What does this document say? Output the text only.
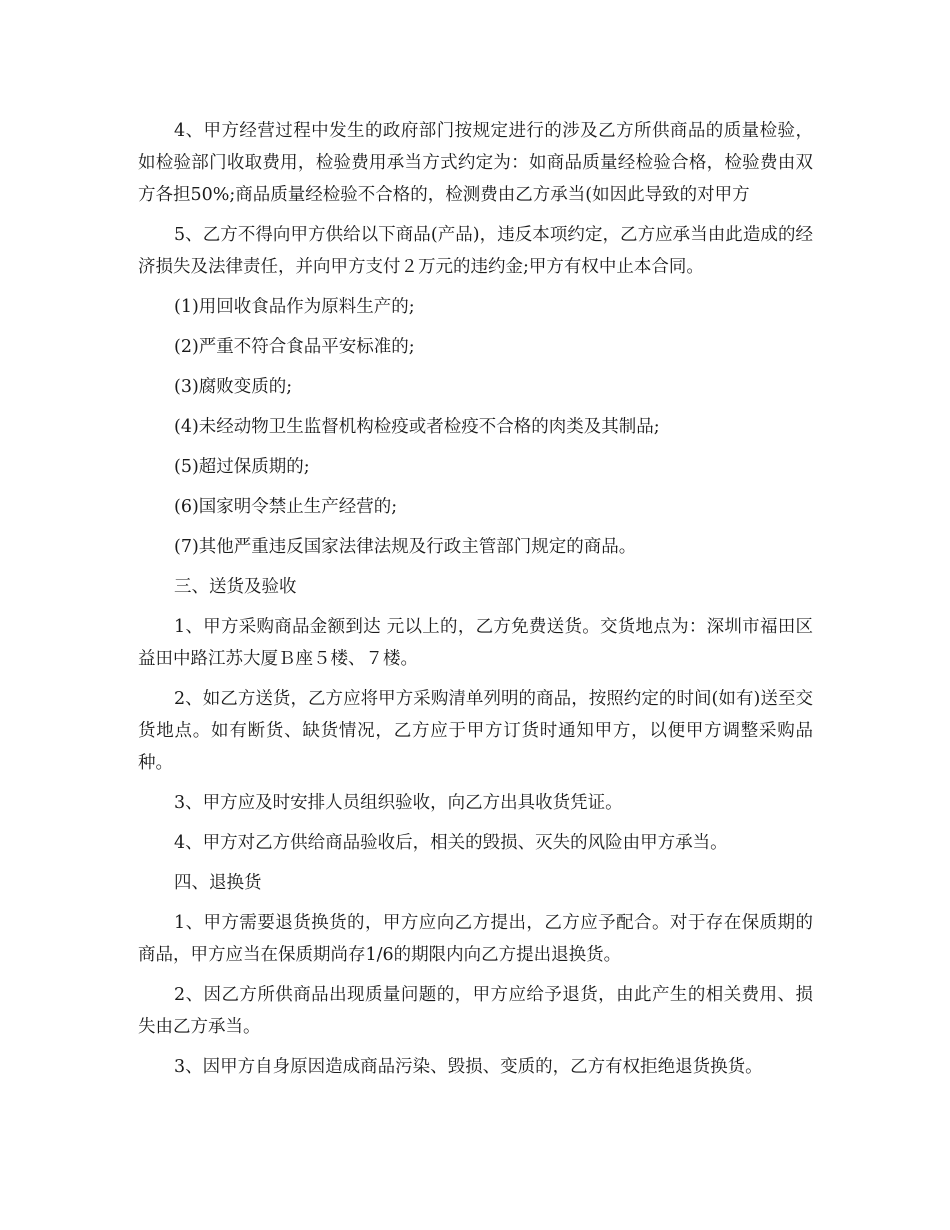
4、甲方经营过程中发生的政府部门按规定进行的涉及乙方所供商品的质量检验，如检验部门收取费用，检验费用承当方式约定为：如商品质量经检验合格，检验费由双方各担50%;商品质量经检验不合格的，检测费由乙方承当(如因此导致的对甲方

5、乙方不得向甲方供给以下商品(产品)，违反本项约定，乙方应承当由此造成的经济损失及法律责任，并向甲方支付２万元的违约金;甲方有权中止本合同。

(1)用回收食品作为原料生产的;

(2)严重不符合食品平安标准的;

(3)腐败变质的;

(4)未经动物卫生监督机构检疫或者检疫不合格的肉类及其制品;

(5)超过保质期的;

(6)国家明令禁止生产经营的;

(7)其他严重违反国家法律法规及行政主管部门规定的商品。

三、送货及验收

1、甲方采购商品金额到达 元以上的，乙方免费送货。交货地点为：深圳市福田区益田中路江苏大厦Ｂ座５楼、７楼。

2、如乙方送货，乙方应将甲方采购清单列明的商品，按照约定的时间(如有)送至交货地点。如有断货、缺货情况，乙方应于甲方订货时通知甲方，以便甲方调整采购品种。

3、甲方应及时安排人员组织验收，向乙方出具收货凭证。

4、甲方对乙方供给商品验收后，相关的毁损、灭失的风险由甲方承当。

四、退换货

1、甲方需要退货换货的，甲方应向乙方提出，乙方应予配合。对于存在保质期的商品，甲方应当在保质期尚存1/6的期限内向乙方提出退换货。

2、因乙方所供商品出现质量问题的，甲方应给予退货，由此产生的相关费用、损失由乙方承当。

3、因甲方自身原因造成商品污染、毁损、变质的，乙方有权拒绝退货换货。
